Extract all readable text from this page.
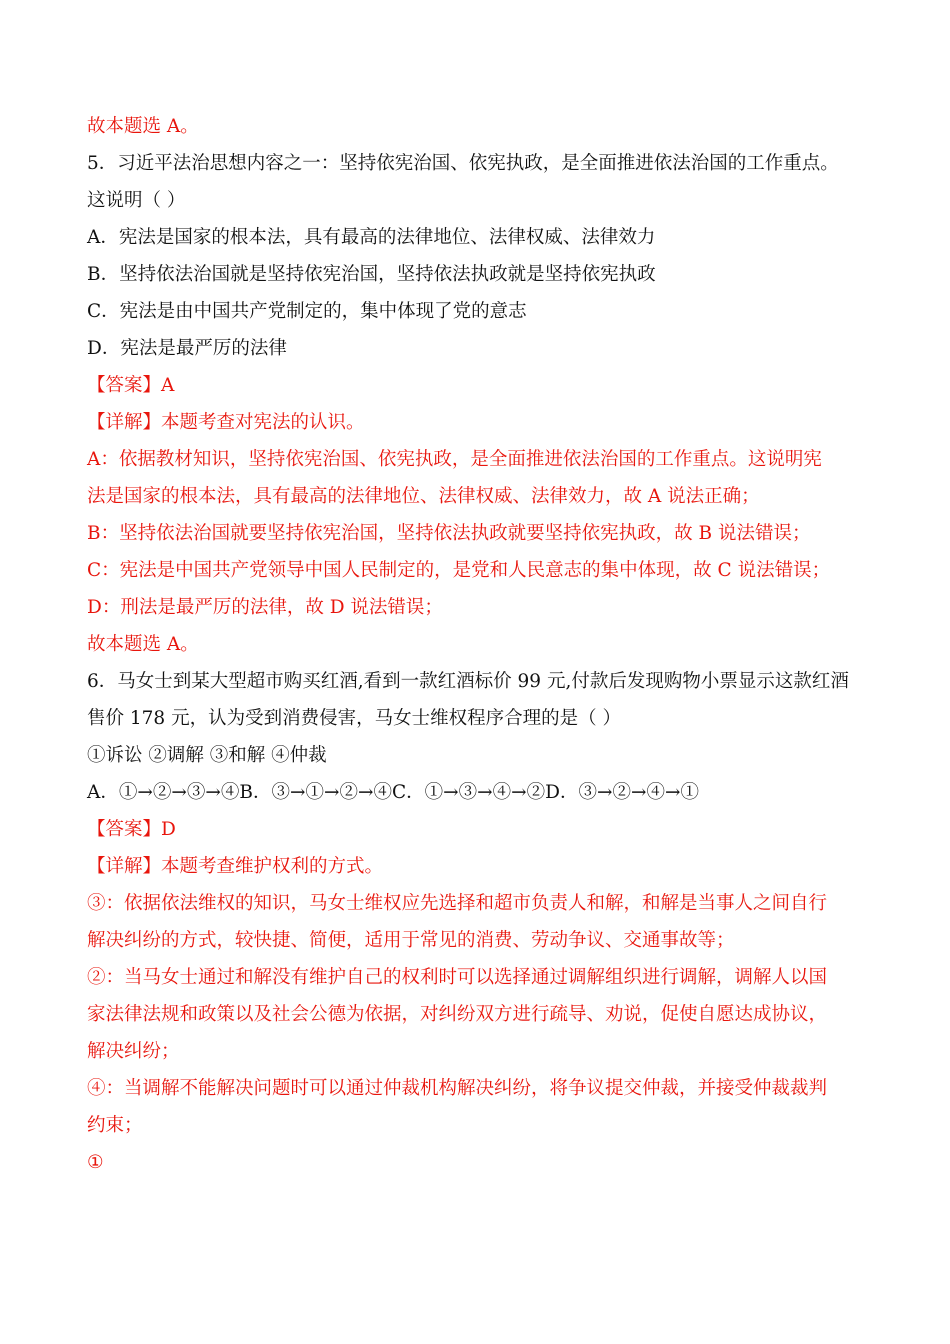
故本题选 A。
5．习近平法治思想内容之一：坚持依宪治国、依宪执政，是全面推进依法治国的工作重点。
这说明（ ）
A．宪法是国家的根本法，具有最高的法律地位、法律权威、法律效力
B．坚持依法治国就是坚持依宪治国，坚持依法执政就是坚持依宪执政
C．宪法是由中国共产党制定的，集中体现了党的意志
D．宪法是最严厉的法律
【答案】A
【详解】本题考查对宪法的认识。
A：依据教材知识，坚持依宪治国、依宪执政，是全面推进依法治国的工作重点。这说明宪
法是国家的根本法，具有最高的法律地位、法律权威、法律效力，故 A 说法正确；
B：坚持依法治国就要坚持依宪治国，坚持依法执政就要坚持依宪执政，故 B 说法错误；
C：宪法是中国共产党领导中国人民制定的，是党和人民意志的集中体现，故 C 说法错误；
D：刑法是最严厉的法律，故 D 说法错误；
故本题选 A。
6．马女士到某大型超市购买红酒,看到一款红酒标价 99 元,付款后发现购物小票显示这款红酒
售价 178 元，认为受到消费侵害，马女士维权程序合理的是（ ）
①诉讼 ②调解 ③和解 ④仲裁
A．①→②→③→④B．③→①→②→④C．①→③→④→②D．③→②→④→①
【答案】D
【详解】本题考查维护权利的方式。
③：依据依法维权的知识，马女士维权应先选择和超市负责人和解，和解是当事人之间自行
解决纠纷的方式，较快捷、简便，适用于常见的消费、劳动争议、交通事故等；
②：当马女士通过和解没有维护自己的权利时可以选择通过调解组织进行调解，调解人以国
家法律法规和政策以及社会公德为依据，对纠纷双方进行疏导、劝说，促使自愿达成协议，
解决纠纷；
④：当调解不能解决问题时可以通过仲裁机构解决纠纷，将争议提交仲裁，并接受仲裁裁判
约束；
①
